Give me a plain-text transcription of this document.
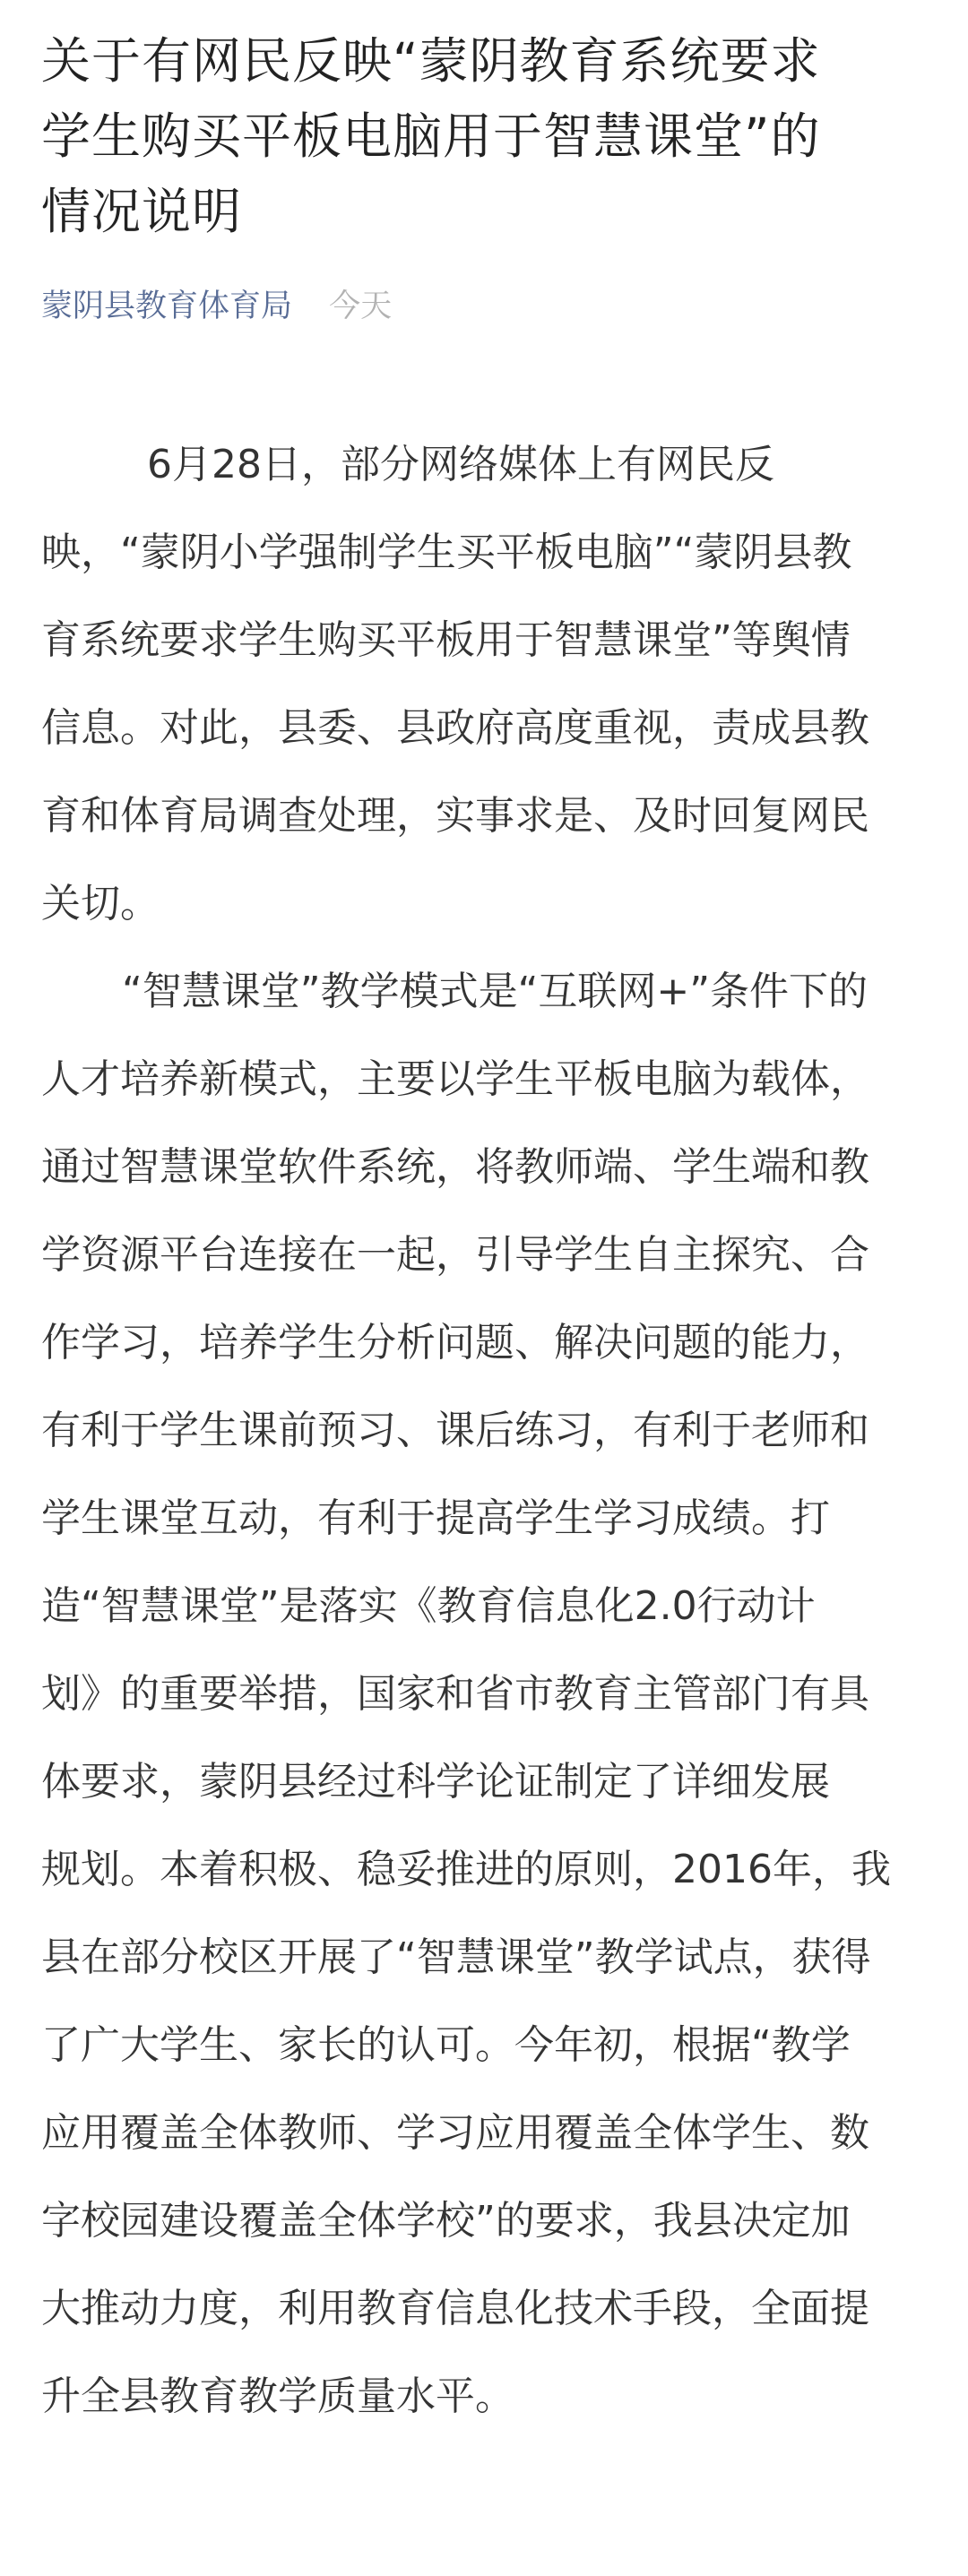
关于有网民反映“蒙阴教育系统要求
学生购买平板电脑用于智慧课堂”的
情况说明
蒙阴县教育体育局 今天
6月28日，部分网络媒体上有网民反
映，“蒙阴小学强制学生买平板电脑”“蒙阴县教
育系统要求学生购买平板用于智慧课堂”等舆情
信息。对此，县委、县政府高度重视，责成县教
育和体育局调查处理，实事求是、及时回复网民
关切。
“智慧课堂”教学模式是“互联网+”条件下的
人才培养新模式，主要以学生平板电脑为载体，
通过智慧课堂软件系统，将教师端、学生端和教
学资源平台连接在一起，引导学生自主探究、合
作学习，培养学生分析问题、解决问题的能力，
有利于学生课前预习、课后练习，有利于老师和
学生课堂互动，有利于提高学生学习成绩。打
造“智慧课堂”是落实《教育信息化2.0行动计
划》的重要举措，国家和省市教育主管部门有具
体要求，蒙阴县经过科学论证制定了详细发展
规划。本着积极、稳妥推进的原则，2016年，我
县在部分校区开展了“智慧课堂”教学试点，获得
了广大学生、家长的认可。今年初，根据“教学
应用覆盖全体教师、学习应用覆盖全体学生、数
字校园建设覆盖全体学校”的要求，我县决定加
大推动力度，利用教育信息化技术手段，全面提
升全县教育教学质量水平。
